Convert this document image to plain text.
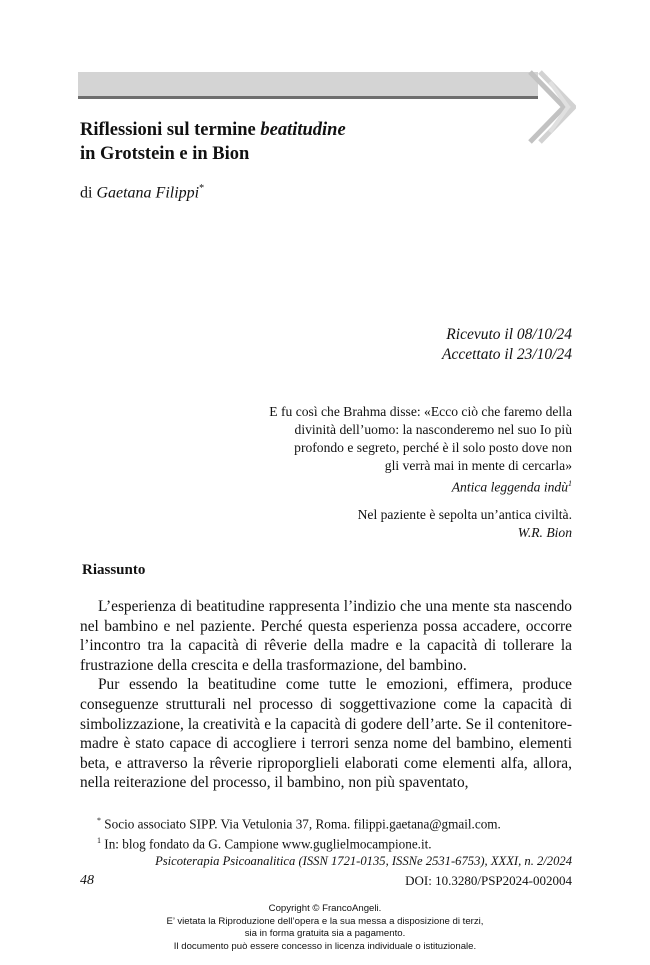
Riflessioni sul termine beatitudine
in Grotstein e in Bion
di Gaetana Filippi*
Ricevuto il 08/10/24
Accettato il 23/10/24
E fu così che Brahma disse: «Ecco ciò che faremo della
divinità dell’uomo: la nasconderemo nel suo Io più
profondo e segreto, perché è il solo posto dove non
gli verrà mai in mente di cercarla»
Antica leggenda indù$^1$
Nel paziente è sepolta un’antica civiltà.
W.R. Bion
Riassunto

L’esperienza di beatitudine rappresenta l’indizio che una mente sta nascendo nel bambino e nel paziente. Perché questa esperienza possa accadere, occorre l’incontro tra la capacità di rêverie della madre e la capacità di tollerare la frustrazione della crescita e della trasformazione, del bambino.

Pur essendo la beatitudine come tutte le emozioni, effimera, produce conseguenze strutturali nel processo di soggettivazione come la capacità di simbolizzazione, la creatività e la capacità di godere dell’arte. Se il contenitore-madre è stato capace di accogliere i terrori senza nome del bambino, elementi beta, e attraverso la rêverie riproporglieli elaborati come elementi alfa, allora, nella reiterazione del processo, il bambino, non più spaventato,

* Socio associato SIPP. Via Vetulonia 37, Roma. filippi.gaetana@gmail.com.
$^1$ In: blog fondato da G. Campione www.guglielmocampione.it.
Psicoterapia Psicoanalitica (ISSN 1721-0135, ISSNe 2531-6753), XXXI, n. 2/2024
48	DOI: 10.3280/PSP2024-002004
Copyright © FrancoAngeli.
E’ vietata la Riproduzione dell’opera e la sua messa a disposizione di terzi,
sia in forma gratuita sia a pagamento.
Il documento può essere concesso in licenza individuale o istituzionale.
